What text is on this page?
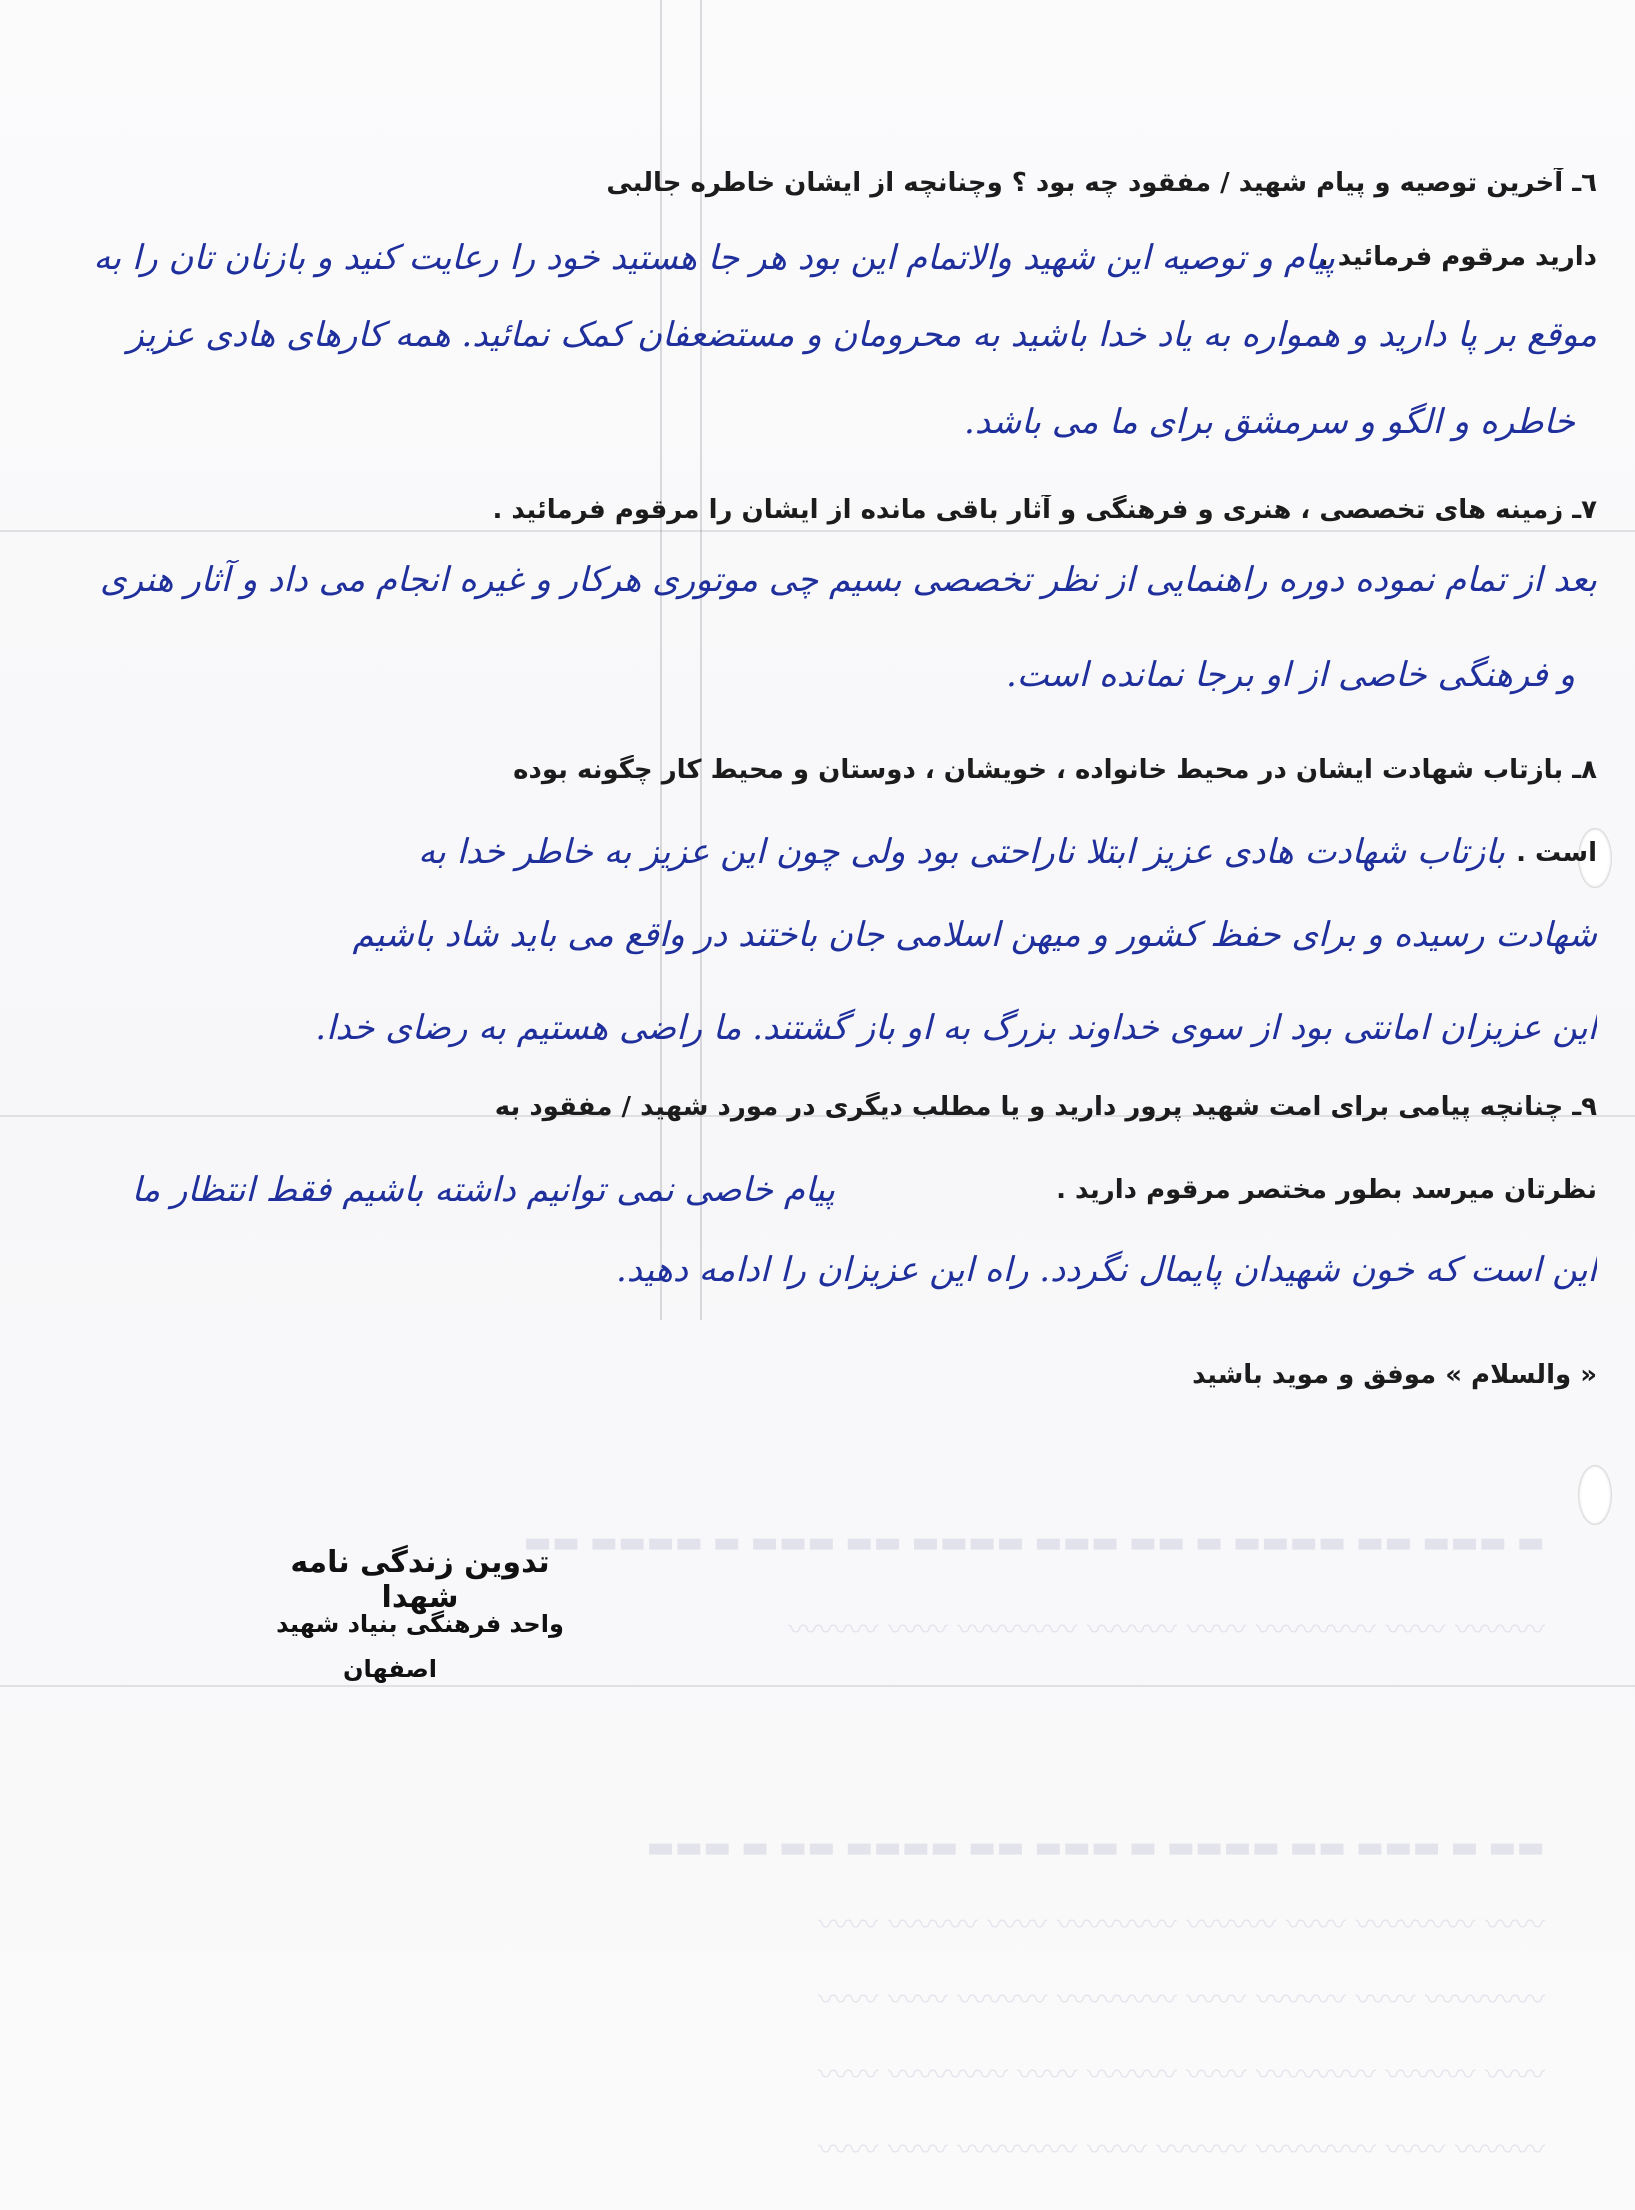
▬ ▬▬▬ ▬▬ ▬▬▬▬ ▬ ▬▬ ▬▬▬ ▬▬▬▬ ▬▬ ▬▬▬ ▬ ▬▬▬▬ ▬▬
〰〰〰 〰〰 〰〰〰〰 〰〰 〰〰〰 〰〰〰〰 〰〰 〰〰〰
▬▬ ▬ ▬▬▬ ▬▬ ▬▬▬▬ ▬ ▬▬▬ ▬▬ ▬▬▬▬ ▬▬ ▬ ▬▬▬
〰〰 〰〰〰〰 〰〰 〰〰〰 〰〰〰〰 〰〰 〰〰〰 〰〰
〰〰〰〰 〰〰 〰〰〰 〰〰 〰〰〰〰 〰〰〰 〰〰 〰〰
〰〰 〰〰〰 〰〰〰〰 〰〰 〰〰〰 〰〰 〰〰〰〰 〰〰
〰〰〰 〰〰 〰〰〰〰 〰〰〰 〰〰 〰〰〰〰 〰〰 〰〰
٦ـ آخرین توصیه و پیام شهید / مفقود چه بود ؟ وچنانچه از ایشان خاطره جالبی
دارید مرقوم فرمائید .
پیام و توصیه این شهید والاتمام این بود هر جا هستید خود را رعایت کنید و بازنان تان را به
موقع بر پا دارید و همواره به یاد خدا باشید به محرومان و مستضعفان کمک نمائید. همه کارهای هادی عزیز
خاطره و الگو و سرمشق برای ما می باشد.
٧ـ زمینه های تخصصی ، هنری و فرهنگی و آثار باقی مانده از ایشان را مرقوم فرمائید .
بعد از تمام نموده دوره راهنمایی از نظر تخصصی بسیم چی موتوری هرکار و غیره انجام می داد و آثار هنری
و فرهنگی خاصی از او برجا نمانده است.
٨ـ بازتاب شهادت ایشان در محیط خانواده ، خویشان ، دوستان و محیط کار چگونه بوده
است .
بازتاب شهادت هادی عزیز ابتلا ناراحتی بود ولی چون این عزیز به خاطر خدا به
شهادت رسیده و برای حفظ کشور و میهن اسلامی جان باختند در واقع می باید شاد باشیم
این عزیزان امانتی بود از سوی خداوند بزرگ به او باز گشتند. ما راضی هستیم به رضای خدا.
٩ـ چنانچه پیامی برای امت شهید پرور دارید و یا مطلب دیگری در مورد شهید / مفقود به
نظرتان میرسد بطور مختصر مرقوم دارید .
پیام خاصی نمی توانیم داشته باشیم فقط انتظار ما
این است که خون شهیدان پایمال نگردد. راه این عزیزان را ادامه دهید.
« والسلام » موفق و موید باشید
تدوین زندگی نامه شهدا
واحد فرهنگی بنیاد شهید
اصفهان
